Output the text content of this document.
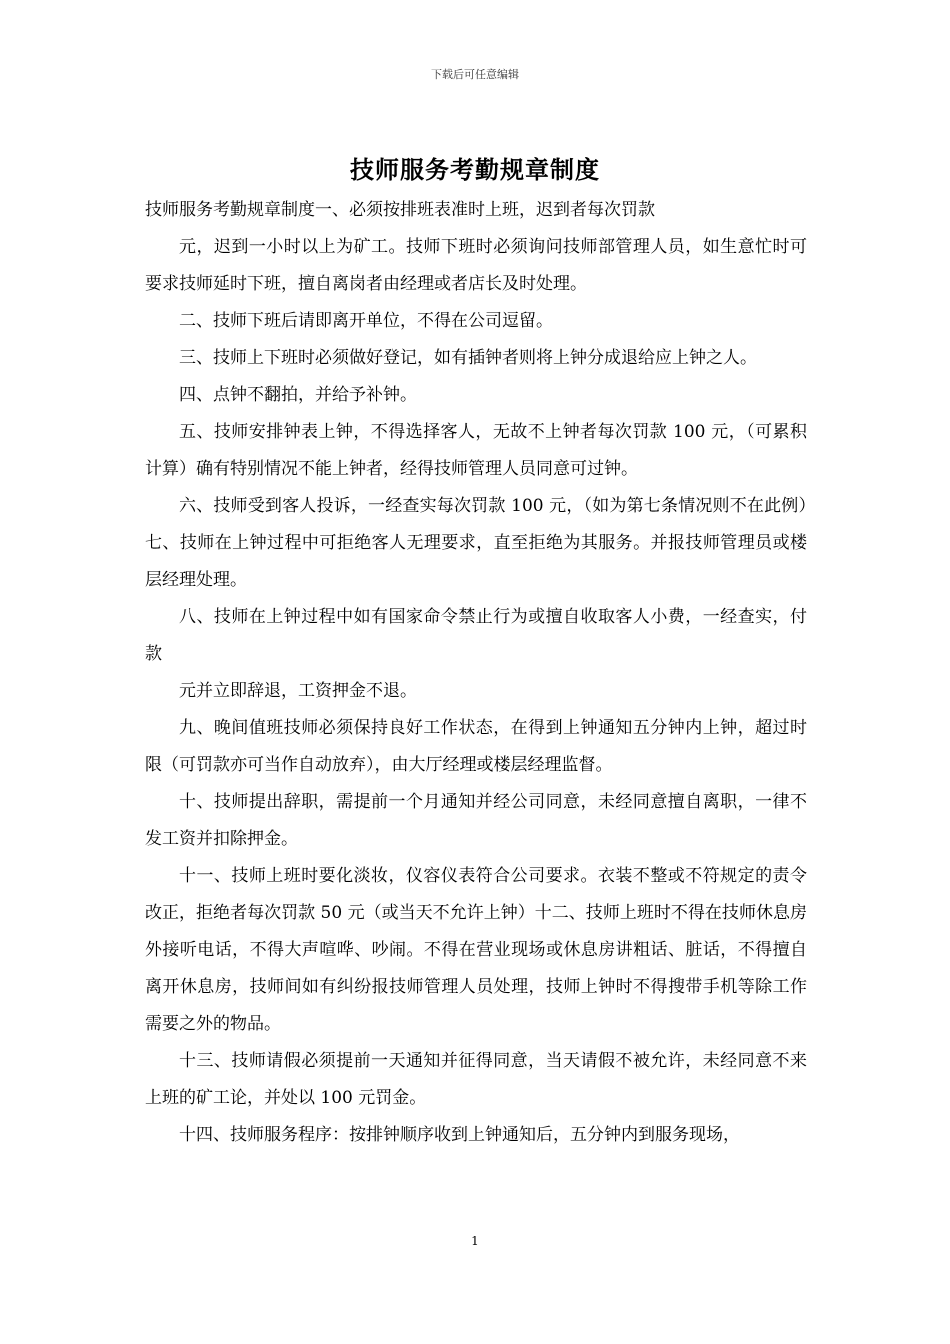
下载后可任意编辑
技师服务考勤规章制度

技师服务考勤规章制度一、必须按排班表准时上班，迟到者每次罚款

元，迟到一小时以上为矿工。技师下班时必须询问技师部管理人员，如生意忙时可要求技师延时下班，擅自离岗者由经理或者店长及时处理。

二、技师下班后请即离开单位，不得在公司逗留。

三、技师上下班时必须做好登记，如有插钟者则将上钟分成退给应上钟之人。

四、点钟不翻拍，并给予补钟。

五、技师安排钟表上钟，不得选择客人，无故不上钟者每次罚款 100 元，（可累积计算）确有特别情况不能上钟者，经得技师管理人员同意可过钟。

六、技师受到客人投诉，一经查实每次罚款 100 元，（如为第七条情况则不在此例）七、技师在上钟过程中可拒绝客人无理要求，直至拒绝为其服务。并报技师管理员或楼层经理处理。

八、技师在上钟过程中如有国家命令禁止行为或擅自收取客人小费，一经查实，付款

元并立即辞退，工资押金不退。

九、晚间值班技师必须保持良好工作状态，在得到上钟通知五分钟内上钟，超过时限（可罚款亦可当作自动放弃），由大厅经理或楼层经理监督。

十、技师提出辞职，需提前一个月通知并经公司同意，未经同意擅自离职，一律不发工资并扣除押金。

十一、技师上班时要化淡妆，仪容仪表符合公司要求。衣装不整或不符规定的责令改正，拒绝者每次罚款 50 元（或当天不允许上钟）十二、技师上班时不得在技师休息房外接听电话，不得大声喧哗、吵闹。不得在营业现场或休息房讲粗话、脏话，不得擅自离开休息房，技师间如有纠纷报技师管理人员处理，技师上钟时不得搜带手机等除工作需要之外的物品。

十三、技师请假必须提前一天通知并征得同意，当天请假不被允许，未经同意不来上班的矿工论，并处以 100 元罚金。

十四、技师服务程序：按排钟顺序收到上钟通知后，五分钟内到服务现场，

1
